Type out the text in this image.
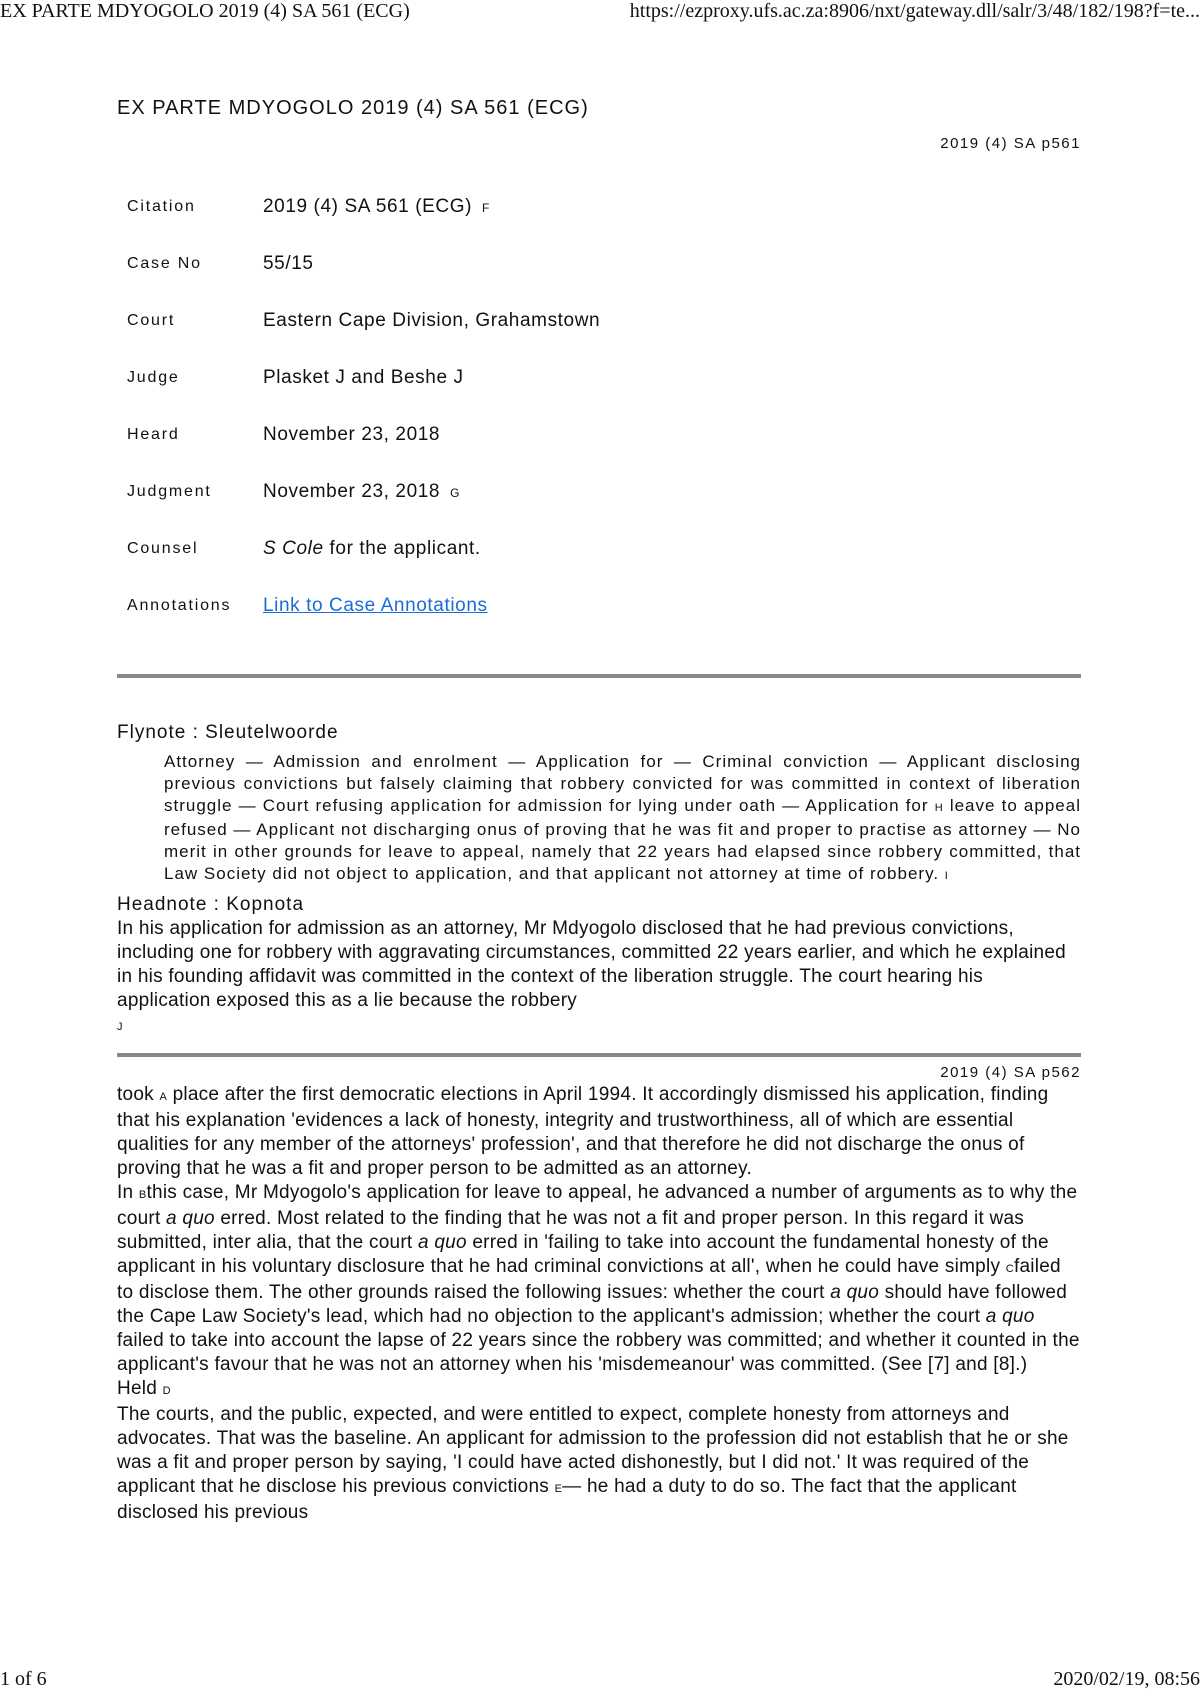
EX PARTE MDYOGOLO 2019 (4) SA 561 (ECG)	https://ezproxy.ufs.ac.za:8906/nxt/gateway.dll/salr/3/48/182/198?f=te...
EX PARTE MDYOGOLO 2019 (4) SA 561 (ECG)
2019 (4) SA p561
Citation	2019 (4) SA 561 (ECG) F
Case No	55/15
Court	Eastern Cape Division, Grahamstown
Judge	Plasket J and Beshe J
Heard	November 23, 2018
Judgment	November 23, 2018 G
Counsel	S Cole for the applicant.
Annotations	Link to Case Annotations
Flynote : Sleutelwoorde
Attorney — Admission and enrolment — Application for — Criminal conviction — Applicant disclosing previous convictions but falsely claiming that robbery convicted for was committed in context of liberation struggle — Court refusing application for admission for lying under oath — Application for H leave to appeal refused — Applicant not discharging onus of proving that he was fit and proper to practise as attorney — No merit in other grounds for leave to appeal, namely that 22 years had elapsed since robbery committed, that Law Society did not object to application, and that applicant not attorney at time of robbery. I
Headnote : Kopnota

In his application for admission as an attorney, Mr Mdyogolo disclosed that he had previous convictions, including one for robbery with aggravating circumstances, committed 22 years earlier, and which he explained in his founding affidavit was committed in the context of the liberation struggle. The court hearing his application exposed this as a lie because the robbery
J

2019 (4) SA p562

took A place after the first democratic elections in April 1994. It accordingly dismissed his application, finding that his explanation 'evidences a lack of honesty, integrity and trustworthiness, all of which are essential qualities for any member of the attorneys' profession', and that therefore he did not discharge the onus of proving that he was a fit and proper person to be admitted as an attorney.

In Bthis case, Mr Mdyogolo's application for leave to appeal, he advanced a number of arguments as to why the court a quo erred. Most related to the finding that he was not a fit and proper person. In this regard it was submitted, inter alia, that the court a quo erred in 'failing to take into account the fundamental honesty of the applicant in his voluntary disclosure that he had criminal convictions at all', when he could have simply Cfailed to disclose them. The other grounds raised the following issues: whether the court a quo should have followed the Cape Law Society's lead, which had no objection to the applicant's admission; whether the court a quo failed to take into account the lapse of 22 years since the robbery was committed; and whether it counted in the applicant's favour that he was not an attorney when his 'misdemeanour' was committed. (See [7] and [8].)

Held D

The courts, and the public, expected, and were entitled to expect, complete honesty from attorneys and advocates. That was the baseline. An applicant for admission to the profession did not establish that he or she was a fit and proper person by saying, 'I could have acted dishonestly, but I did not.' It was required of the applicant that he disclose his previous convictions E— he had a duty to do so. The fact that the applicant disclosed his previous

1 of 6	2020/02/19, 08:56
